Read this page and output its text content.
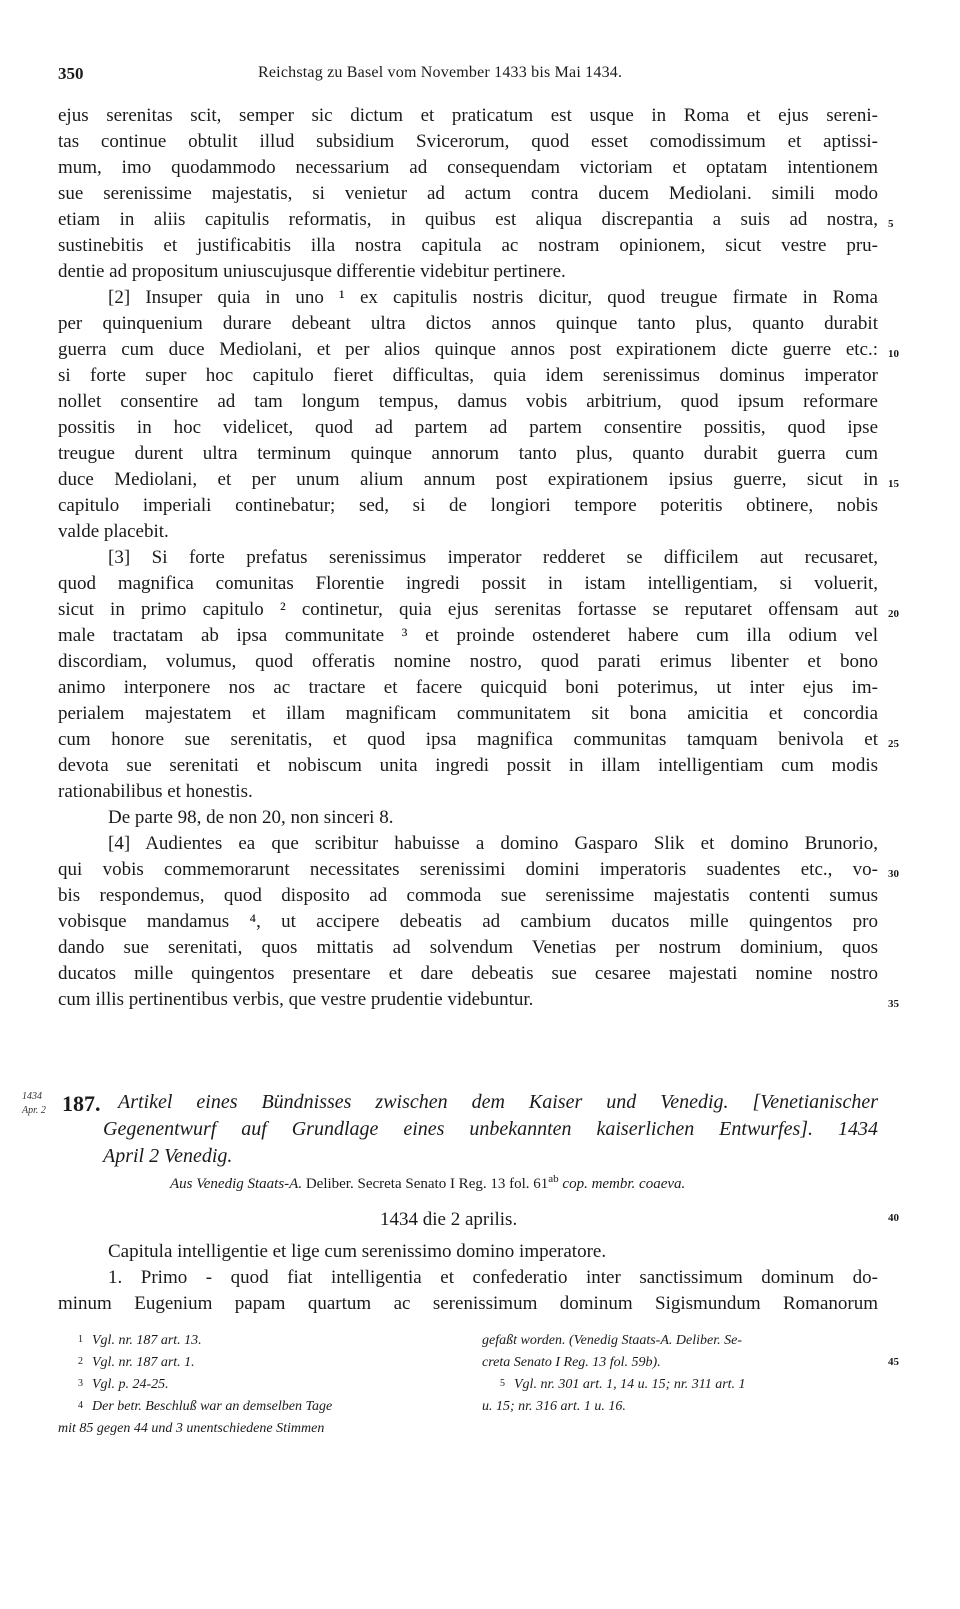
350	Reichstag zu Basel vom November 1433 bis Mai 1434.
ejus serenitas scit, semper sic dictum et praticatum est usque in Roma et ejus sereni-
tas continue obtulit illud subsidium Svicerorum, quod esset comodissimum et aptissi-
mum, imo quodammodo necessarium ad consequendam victoriam et optatam intentionem
sue serenissime majestatis, si venietur ad actum contra ducem Mediolani. simili modo
etiam in aliis capitulis reformatis, in quibus est aliqua discrepantia a suis ad nostra,
sustinebitis et justificabitis illa nostra capitula ac nostram opinionem, sicut vestre pru-
dentie ad propositum uniuscujusque differentie videbitur pertinere.
[2] Insuper quia in uno ¹ ex capitulis nostris dicitur, quod treugue firmate in Roma
per quinquenium durare debeant ultra dictos annos quinque tanto plus, quanto durabit
guerra cum duce Mediolani, et per alios quinque annos post expirationem dicte guerre etc.:
si forte super hoc capitulo fieret difficultas, quia idem serenissimus dominus imperator
nollet consentire ad tam longum tempus, damus vobis arbitrium, quod ipsum reformare
possitis in hoc videlicet, quod ad partem ad partem consentire possitis, quod ipse
treugue durent ultra terminum quinque annorum tanto plus, quanto durabit guerra cum
duce Mediolani, et per unum alium annum post expirationem ipsius guerre, sicut in
capitulo imperiali continebatur; sed, si de longiori tempore poteritis obtinere, nobis
valde placebit.
[3] Si forte prefatus serenissimus imperator redderet se difficilem aut recusaret,
quod magnifica comunitas Florentie ingredi possit in istam intelligentiam, si voluerit,
sicut in primo capitulo ² continetur, quia ejus serenitas fortasse se reputaret offensam aut
male tractatam ab ipsa communitate ³ et proinde ostenderet habere cum illa odium vel
discordiam, volumus, quod offeratis nomine nostro, quod parati erimus libenter et bono
animo interponere nos ac tractare et facere quicquid boni poterimus, ut inter ejus im-
perialem majestatem et illam magnificam communitatem sit bona amicitia et concordia
cum honore sue serenitatis, et quod ipsa magnifica communitas tamquam benivola et
devota sue serenitati et nobiscum unita ingredi possit in illam intelligentiam cum modis
rationabilibus et honestis.
De parte 98, de non 20, non sinceri 8.
[4] Audientes ea que scribitur habuisse a domino Gasparo Slik et domino Brunorio,
qui vobis commemorarunt necessitates serenissimi domini imperatoris suadentes etc., vo-
bis respondemus, quod disposito ad commoda sue serenissime majestatis contenti sumus
vobisque mandamus ⁴, ut accipere debeatis ad cambium ducatos mille quingentos pro
dando sue serenitati, quos mittatis ad solvendum Venetias per nostrum dominium, quos
ducatos mille quingentos presentare et dare debeatis sue cesaree majestati nomine nostro
cum illis pertinentibus verbis, que vestre prudentie videbuntur.
5
10
15
20
25
30
35
40
45
1434
Apr. 2 187. Artikel eines Bündnisses zwischen dem Kaiser und Venedig. [Venetianischer
Gegenentwurf auf Grundlage eines unbekannten kaiserlichen Entwurfes]. 1434
April 2 Venedig.
Aus Venedig Staats-A. Deliber. Secreta Senato I Reg. 13 fol. $61^{ab}$ cop. membr. coaeva.
1434 die 2 aprilis.
Capitula intelligentie et lige cum serenissimo domino imperatore.
1. Primo - quod fiat intelligentia et confederatio inter sanctissimum dominum do-
minum Eugenium papam quartum ac serenissimum dominum Sigismundum Romanorum
1 Vgl. nr. 187 art. 13.
2 Vgl. nr. 187 art. 1.
3 Vgl. p. 24-25.
4 Der betr. Beschluß war an demselben Tage
mit 85 gegen 44 und 3 unentschiedene Stimmen
gefaßt worden. (Venedig Staats-A. Deliber. Se-
creta Senato I Reg. 13 fol. 59b).
5 Vgl. nr. 301 art. 1, 14 u. 15; nr. 311 art. 1
u. 15; nr. 316 art. 1 u. 16.
